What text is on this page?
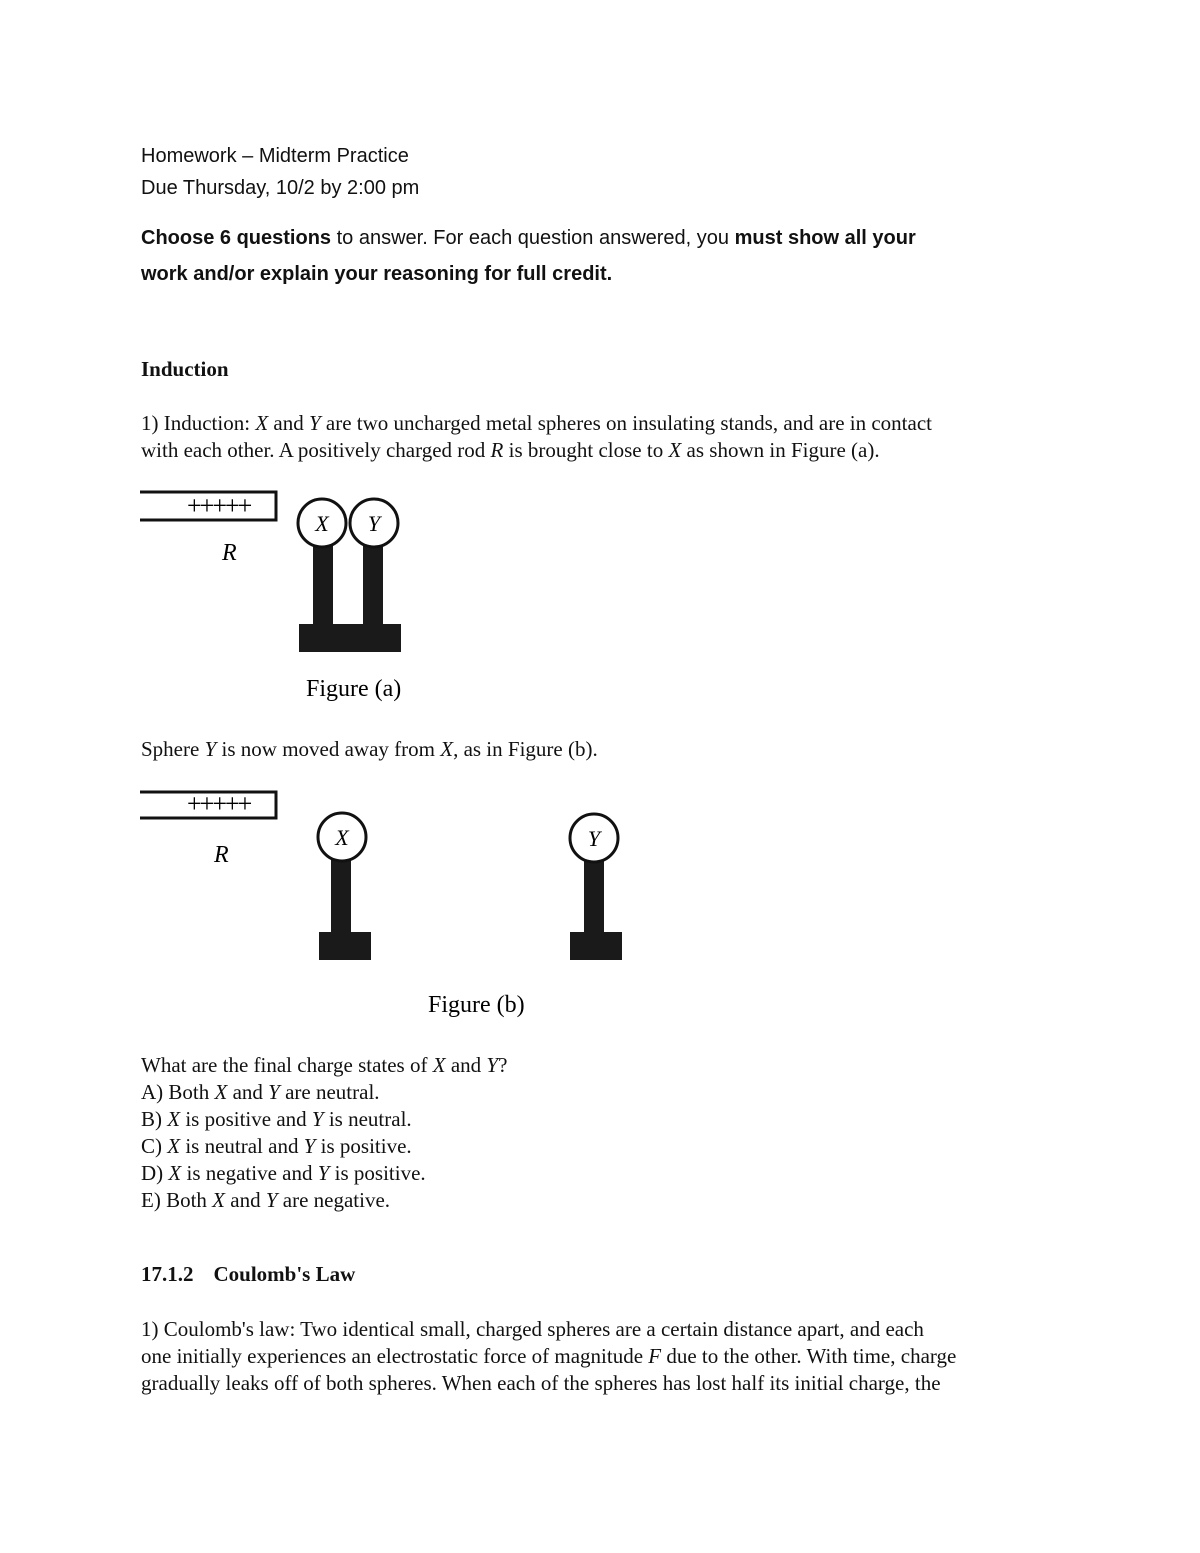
Homework – Midterm Practice
Due Thursday, 10/2 by 2:00 pm
Choose 6 questions to answer. For each question answered, you must show all your
work and/or explain your reasoning for full credit.
Induction
1) Induction: X and Y are two uncharged metal spheres on insulating stands, and are in contact
with each other. A positively charged rod R is brought close to X as shown in Figure (a).
+++++
R
X Y
Figure (a)
Sphere Y is now moved away from X, as in Figure (b).
+++++
R
X	Y
Figure (b)
What are the final charge states of X and Y?
A) Both X and Y are neutral.
B) X is positive and Y is neutral.
C) X is neutral and Y is positive.
D) X is negative and Y is positive.
E) Both X and Y are negative.
17.1.2 Coulomb's Law
1) Coulomb's law: Two identical small, charged spheres are a certain distance apart, and each
one initially experiences an electrostatic force of magnitude F due to the other. With time, charge
gradually leaks off of both spheres. When each of the spheres has lost half its initial charge, the
